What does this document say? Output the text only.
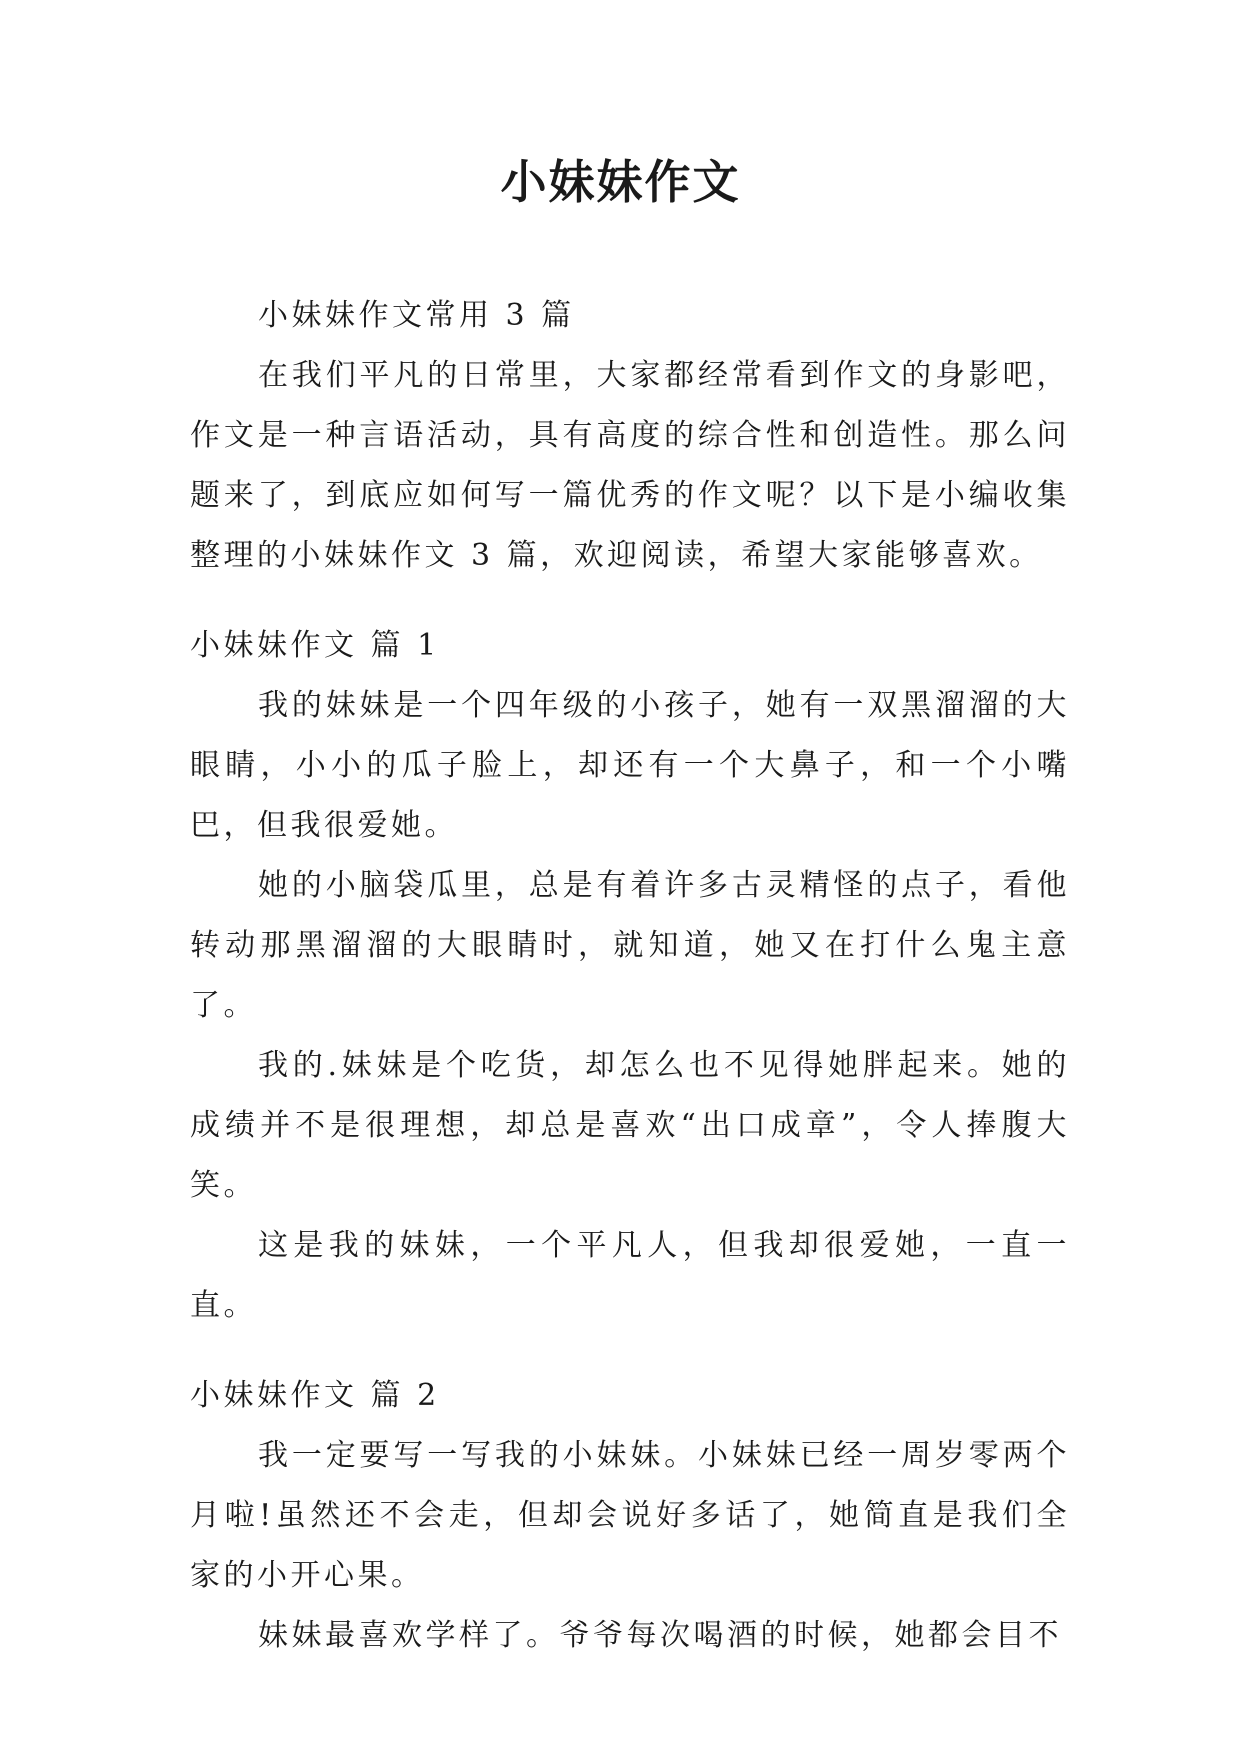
小妹妹作文

小妹妹作文常用 3 篇

在我们平凡的日常里，大家都经常看到作文的身影吧，作文是一种言语活动，具有高度的综合性和创造性。那么问题来了，到底应如何写一篇优秀的作文呢？以下是小编收集整理的小妹妹作文 3 篇，欢迎阅读，希望大家能够喜欢。

小妹妹作文 篇 1

我的妹妹是一个四年级的小孩子，她有一双黑溜溜的大眼睛，小小的瓜子脸上，却还有一个大鼻子，和一个小嘴巴，但我很爱她。

她的小脑袋瓜里，总是有着许多古灵精怪的点子，看他转动那黑溜溜的大眼睛时，就知道，她又在打什么鬼主意了。

我的.妹妹是个吃货，却怎么也不见得她胖起来。她的成绩并不是很理想，却总是喜欢“出口成章”，令人捧腹大笑。

这是我的妹妹，一个平凡人，但我却很爱她，一直一直。

小妹妹作文 篇 2

我一定要写一写我的小妹妹。小妹妹已经一周岁零两个月啦!虽然还不会走，但却会说好多话了，她简直是我们全家的小开心果。

妹妹最喜欢学样了。爷爷每次喝酒的时候，她都会目不
